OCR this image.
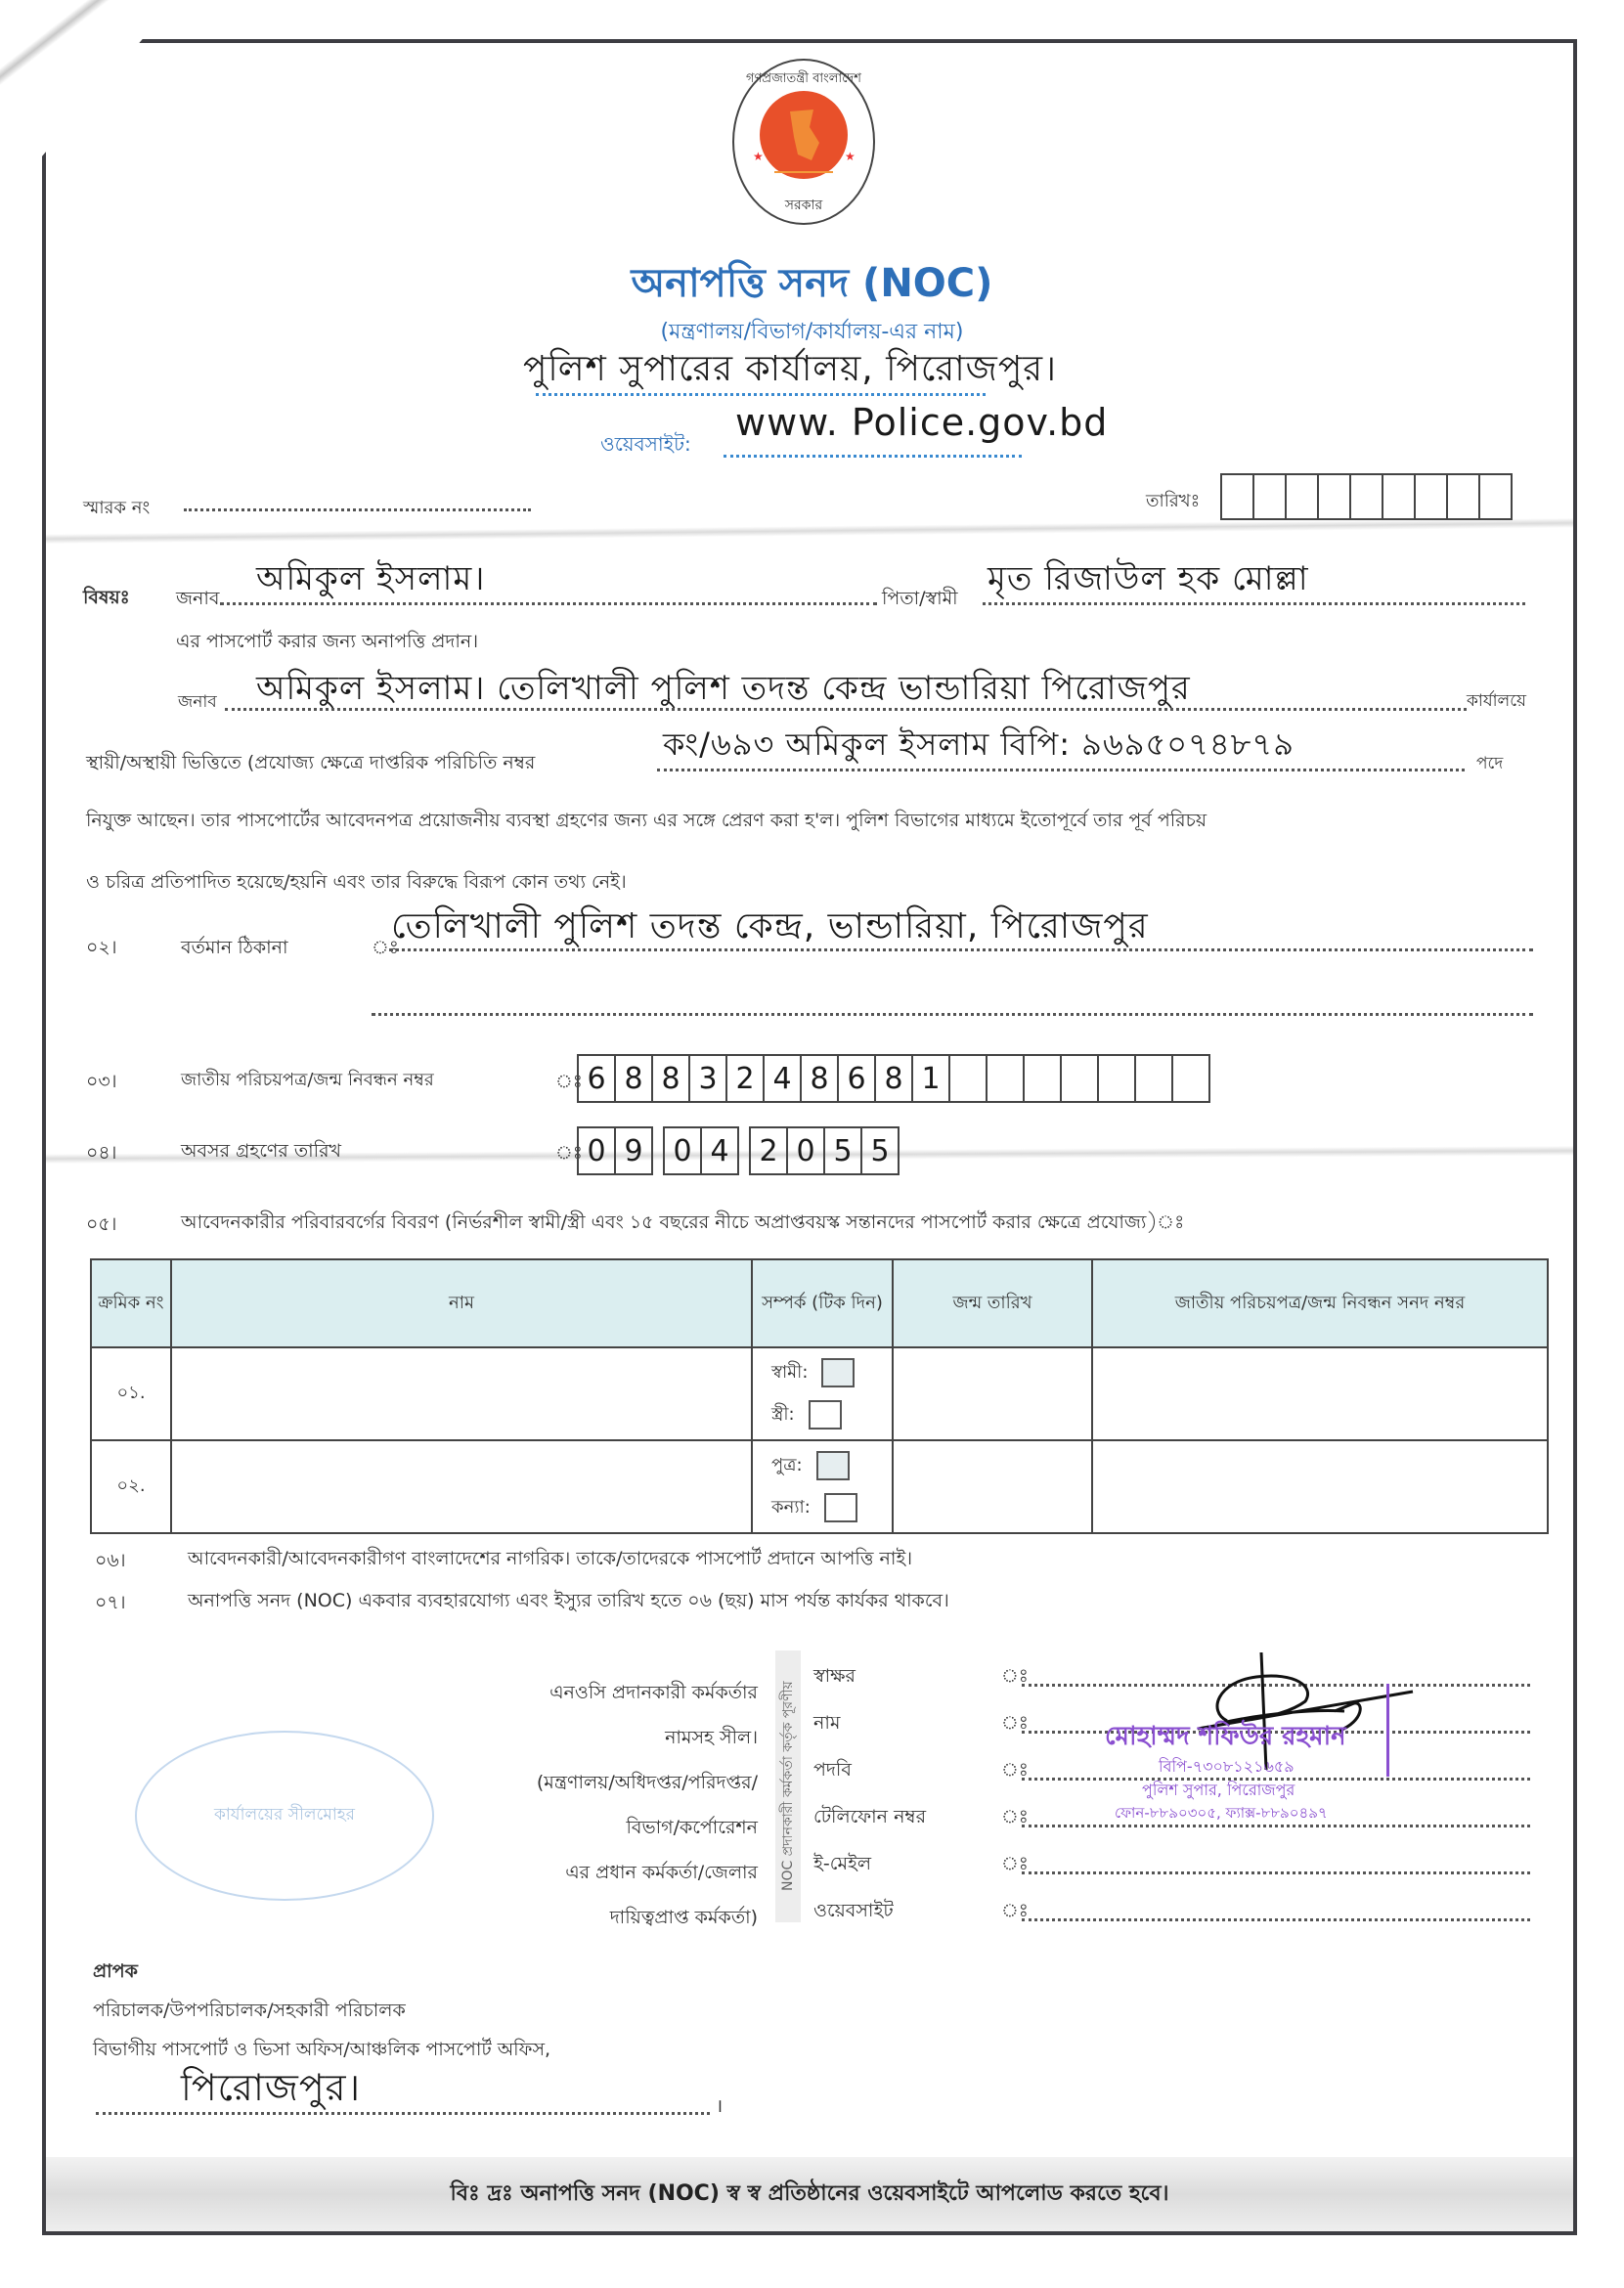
গণপ্রজাতন্ত্রী বাংলাদেশ
সরকার
★	★
অনাপত্তি সনদ (NOC)
(মন্ত্রণালয়/বিভাগ/কার্যালয়-এর নাম)
পুলিশ সুপারের কার্যালয়, পিরোজপুর।
ওয়েবসাইট: www. Police.gov.bd
স্মারক নং	তারিখঃ
বিষয়ঃ জনাব অমিকুল ইসলাম।	পিতা/স্বামী মৃত রিজাউল হক মোল্লা
এর পাসপোর্ট করার জন্য অনাপত্তি প্রদান।
জনাব অমিকুল ইসলাম। তেলিখালী পুলিশ তদন্ত কেন্দ্র ভান্ডারিয়া পিরোজপুর	কার্যালয়ে
স্থায়ী/অস্থায়ী ভিত্তিতে (প্রযোজ্য ক্ষেত্রে দাপ্তরিক পরিচিতি নম্বর	কং/৬৯৩ অমিকুল ইসলাম বিপি: ৯৬৯৫০৭৪৮৭৯
পদে
নিযুক্ত আছেন। তার পাসপোর্টের আবেদনপত্র প্রয়োজনীয় ব্যবস্থা গ্রহণের জন্য এর সঙ্গে প্রেরণ করা হ'ল। পুলিশ বিভাগের মাধ্যমে ইতোপূর্বে তার পূর্ব পরিচয়
ও চরিত্র প্রতিপাদিত হয়েছে/হয়নি এবং তার বিরুদ্ধে বিরূপ কোন তথ্য নেই।
০২।	বর্তমান ঠিকানা	ঃ
তেলিখালী পুলিশ তদন্ত কেন্দ্র, ভান্ডারিয়া, পিরোজপুর
০৩।	জাতীয় পরিচয়পত্র/জন্ম নিবন্ধন নম্বর	ঃ 6 8 8 3 2 4 8 6 8 1
০৪।	অবসর গ্রহণের তারিখ	ঃ 0 9	0 4	2 0 5 5
০৫।	আবেদনকারীর পরিবারবর্গের বিবরণ (নির্ভরশীল স্বামী/স্ত্রী এবং ১৫ বছরের নীচে অপ্রাপ্তবয়স্ক সন্তানদের পাসপোর্ট করার ক্ষেত্রে প্রযোজ্য)ঃ
ক্রমিক নং	নাম	সম্পর্ক (টিক দিন)	জন্ম তারিখ	জাতীয় পরিচয়পত্র/জন্ম নিবন্ধন সনদ নম্বর
০১.		স্বামী:
স্ত্রী:		

০২.		পুত্র:
কন্যা:		

০৬।	আবেদনকারী/আবেদনকারীগণ বাংলাদেশের নাগরিক। তাকে/তাদেরকে পাসপোর্ট প্রদানে আপত্তি নাই।
০৭।	অনাপত্তি সনদ (NOC) একবার ব্যবহারযোগ্য এবং ইস্যুর তারিখ হতে ০৬ (ছয়) মাস পর্যন্ত কার্যকর থাকবে।
কার্যালয়ের সীলমোহর
এনওসি প্রদানকারী কর্মকর্তার
নামসহ সীল।
(মন্ত্রণালয়/অধিদপ্তর/পরিদপ্তর/
বিভাগ/কর্পোরেশন
এর প্রধান কর্মকর্তা/জেলার
দায়িত্বপ্রাপ্ত কর্মকর্তা)
NOC প্রদানকারী কর্মকর্তা কর্তৃক পূরণীয়
স্বাক্ষর	ঃ
নাম	ঃ
পদবি	ঃ
টেলিফোন নম্বর	ঃ
ই-মেইল	ঃ
ওয়েবসাইট	ঃ
মোহাম্মদ শফিউর রহমান
বিপি-৭৩০৮১২১৬৫৯
পুলিশ সুপার, পিরোজপুর
ফোন-৮৮৯০৩০৫, ফ্যাক্স-৮৮৯০৪৯৭
প্রাপক
পরিচালক/উপপরিচালক/সহকারী পরিচালক
বিভাগীয় পাসপোর্ট ও ভিসা অফিস/আঞ্চলিক পাসপোর্ট অফিস,
পিরোজপুর।	।
বিঃ দ্রঃ অনাপত্তি সনদ (NOC) স্ব স্ব প্রতিষ্ঠানের ওয়েবসাইটে আপলোড করতে হবে।
